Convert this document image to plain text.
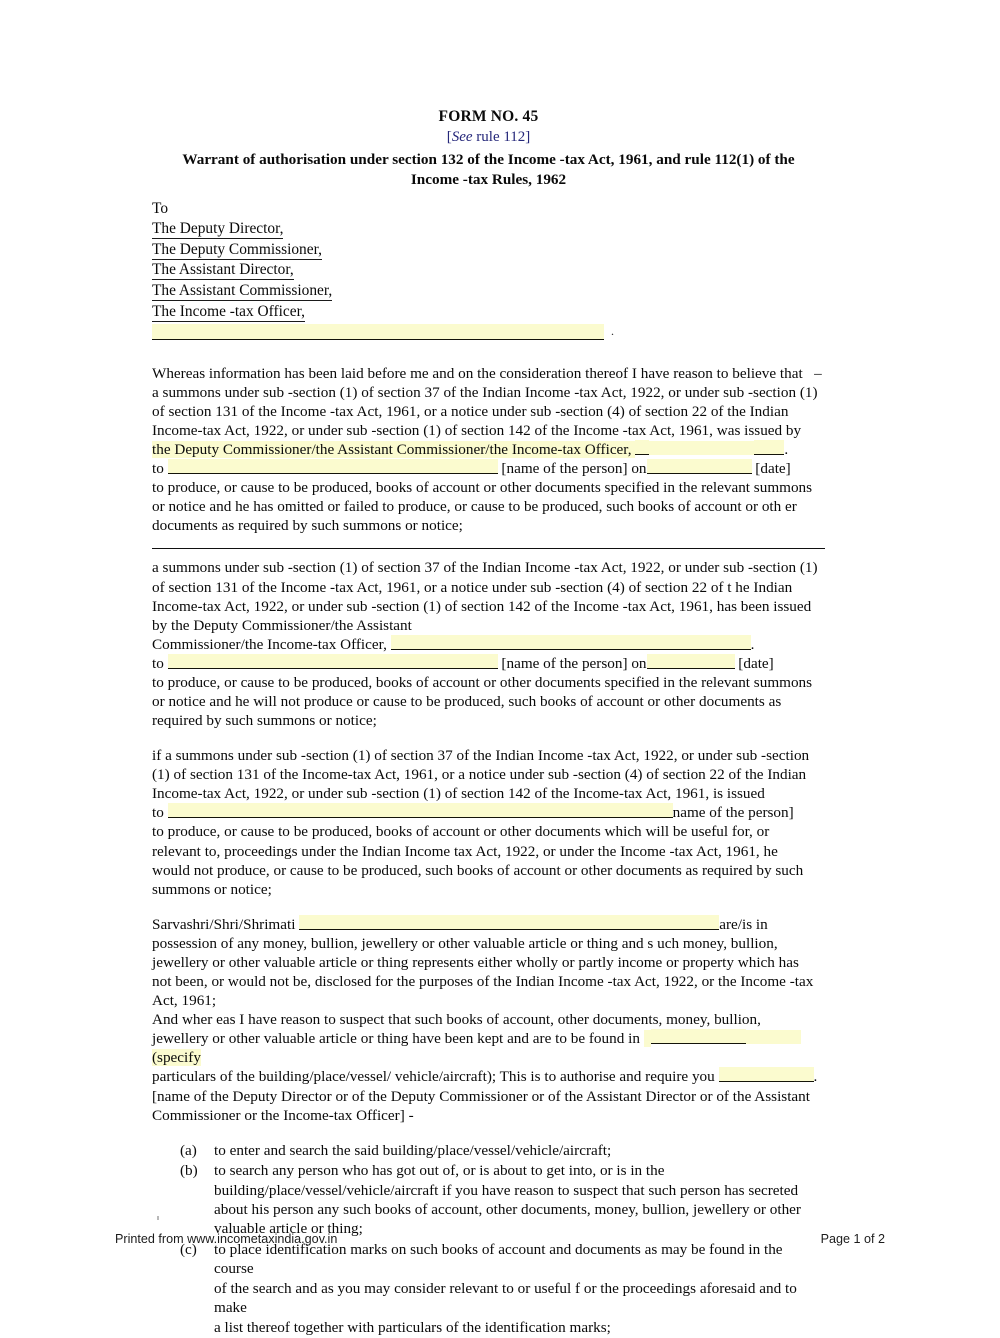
FORM NO. 45
[See rule 112]
Warrant of authorisation under section 132 of the Income -tax Act, 1961, and rule 112(1) of the
Income -tax Rules, 1962
To
The Deputy Director,
The Deputy Commissioner,
The Assistant Director,
The Assistant Commissioner,
The Income -tax Officer,
.
Whereas information has been laid before me and on the consideration thereof I have reason to believe that –
a summons under sub -section (1) of section 37 of the Indian Income -tax Act, 1922, or under sub -section (1)
of section 131 of the Income -tax Act, 1961, or a notice under sub -section (4) of section 22 of the Indian
Income-tax Act, 1922, or under sub -section (1) of section 142 of the Income -tax Act, 1961, was issued by
the Deputy Commissioner/the Assistant Commissioner/the Income-tax Officer,	.
to	[name of the person] on	[date]
to produce, or cause to be produced, books of account or other documents specified in the relevant summons
or notice and he has omitted or failed to produce, or cause to be produced, such books of account or oth er
documents as required by such summons or notice;
a summons under sub -section (1) of section 37 of the Indian Income -tax Act, 1922, or under sub -section (1)
of section 131 of the Income -tax Act, 1961, or a notice under sub -section (4) of section 22 of t he Indian
Income-tax Act, 1922, or under sub -section (1) of section 142 of the Income -tax Act, 1961, has been issued
by the Deputy Commissioner/the Assistant
Commissioner/the Income-tax Officer,	.
to	[name of the person] on	[date]
to produce, or cause to be produced, books of account or other documents specified in the relevant summons
or notice and he will not produce or cause to be produced, such books of account or other documents as
required by such summons or notice;
if a summons under sub -section (1) of section 37 of the Indian Income -tax Act, 1922, or under sub -section
(1) of section 131 of the Income-tax Act, 1961, or a notice under sub -section (4) of section 22 of the Indian
Income-tax Act, 1922, or under sub -section (1) of section 142 of the Income-tax Act, 1961, is issued
to	name of the person]
to produce, or cause to be produced, books of account or other documents which will be useful for, or
relevant to, proceedings under the Indian Income tax Act, 1922, or under the Income -tax Act, 1961, he
would not produce, or cause to be produced, such books of account or other documents as required by such
summons or notice;
Sarvashri/Shri/Shrimati	are/is in
possession of any money, bullion, jewellery or other valuable article or thing and s uch money, bullion,
jewellery or other valuable article or thing represents either wholly or partly income or property which has
not been, or would not be, disclosed for the purposes of the Indian Income -tax Act, 1922, or the Income -tax
Act, 1961;
And wher eas I have reason to suspect that such books of account, other documents, money, bullion,
jewellery or other valuable article or thing have been kept and are to be found in   (specify
particulars of the building/place/vessel/ vehicle/aircraft); This is to authorise and require you	.
[name of the Deputy Director or of the Deputy Commissioner or of the Assistant Director or of the Assistant
Commissioner or the Income-tax Officer] -
(a)	to enter and search the said building/place/vessel/vehicle/aircraft;
(b)	to search any person who has got out of, or is about to get into, or is in the
building/place/vessel/vehicle/aircraft if you have reason to suspect that such person has secreted
about his person any such books of account, other documents, money, bullion, jewellery or other
valuable article or thing;
(c)	to place identification marks on such books of account and documents as may be found in the course
of the search and as you may consider relevant to or useful f or the proceedings aforesaid and to make
a list thereof together with particulars of the identification marks;
Printed from www.incometaxindia.gov.in	Page 1 of 2
